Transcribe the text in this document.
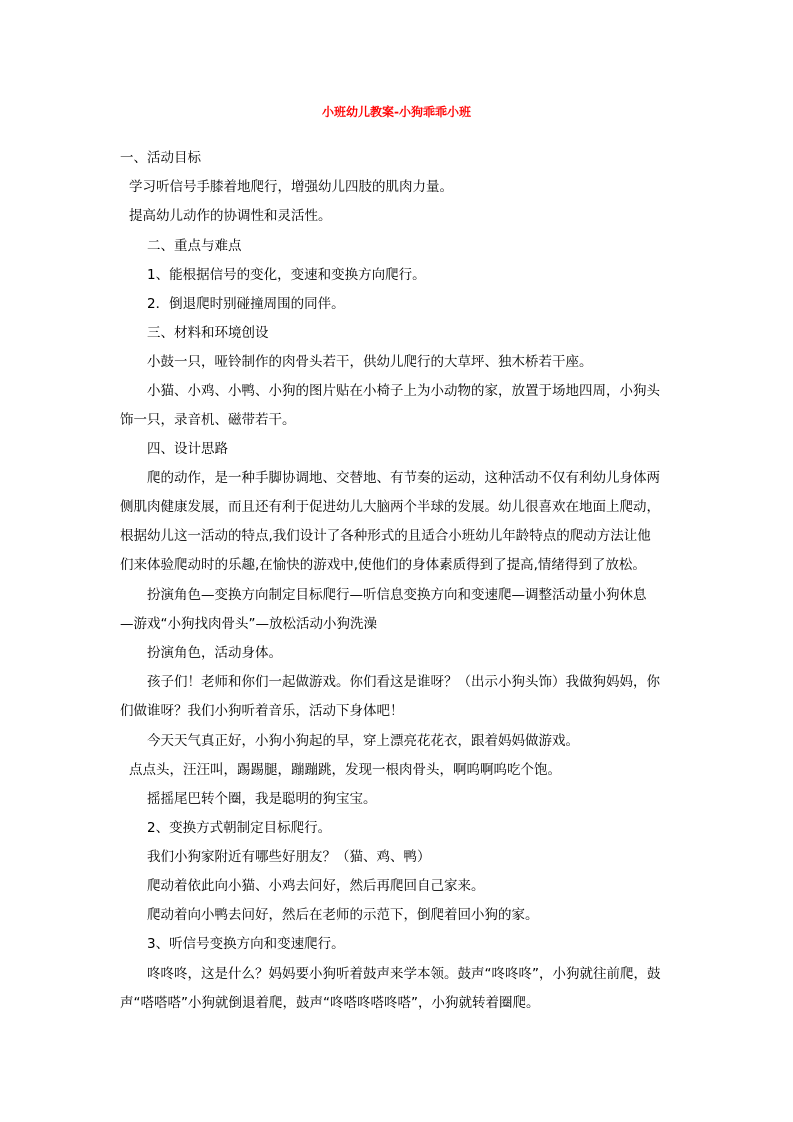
小班幼儿教案-小狗乖乖小班
一、活动目标
学习听信号手膝着地爬行，增强幼儿四肢的肌肉力量。
提高幼儿动作的协调性和灵活性。
二、重点与难点
1、能根据信号的变化，变速和变换方向爬行。
2．倒退爬时别碰撞周围的同伴。
三、材料和环境创设
小鼓一只，哑铃制作的肉骨头若干，供幼儿爬行的大草坪、独木桥若干座。
小猫、小鸡、小鸭、小狗的图片贴在小椅子上为小动物的家，放置于场地四周，小狗头
饰一只，录音机、磁带若干。
四、设计思路
爬的动作，是一种手脚协调地、交替地、有节奏的运动，这种活动不仅有利幼儿身体两
侧肌肉健康发展，而且还有利于促进幼儿大脑两个半球的发展。幼儿很喜欢在地面上爬动，
根据幼儿这一活动的特点,我们设计了各种形式的且适合小班幼儿年龄特点的爬动方法让他
们来体验爬动时的乐趣,在愉快的游戏中,使他们的身体素质得到了提高,情绪得到了放松。
扮演角色—变换方向制定目标爬行—听信息变换方向和变速爬—调整活动量小狗休息
—游戏“小狗找肉骨头”—放松活动小狗洗澡
扮演角色，活动身体。
孩子们！老师和你们一起做游戏。你们看这是谁呀？（出示小狗头饰）我做狗妈妈，你
们做谁呀？我们小狗听着音乐，活动下身体吧！
今天天气真正好，小狗小狗起的早，穿上漂亮花花衣，跟着妈妈做游戏。
点点头，汪汪叫，踢踢腿，蹦蹦跳，发现一根肉骨头，啊呜啊呜吃个饱。
摇摇尾巴转个圈，我是聪明的狗宝宝。
2、变换方式朝制定目标爬行。
我们小狗家附近有哪些好朋友？（猫、鸡、鸭）
爬动着依此向小猫、小鸡去问好，然后再爬回自己家来。
爬动着向小鸭去问好，然后在老师的示范下，倒爬着回小狗的家。
3、听信号变换方向和变速爬行。
咚咚咚，这是什么？妈妈要小狗听着鼓声来学本领。鼓声“咚咚咚”，小狗就往前爬，鼓
声“嗒嗒嗒”小狗就倒退着爬，鼓声“咚嗒咚嗒咚嗒”，小狗就转着圈爬。
